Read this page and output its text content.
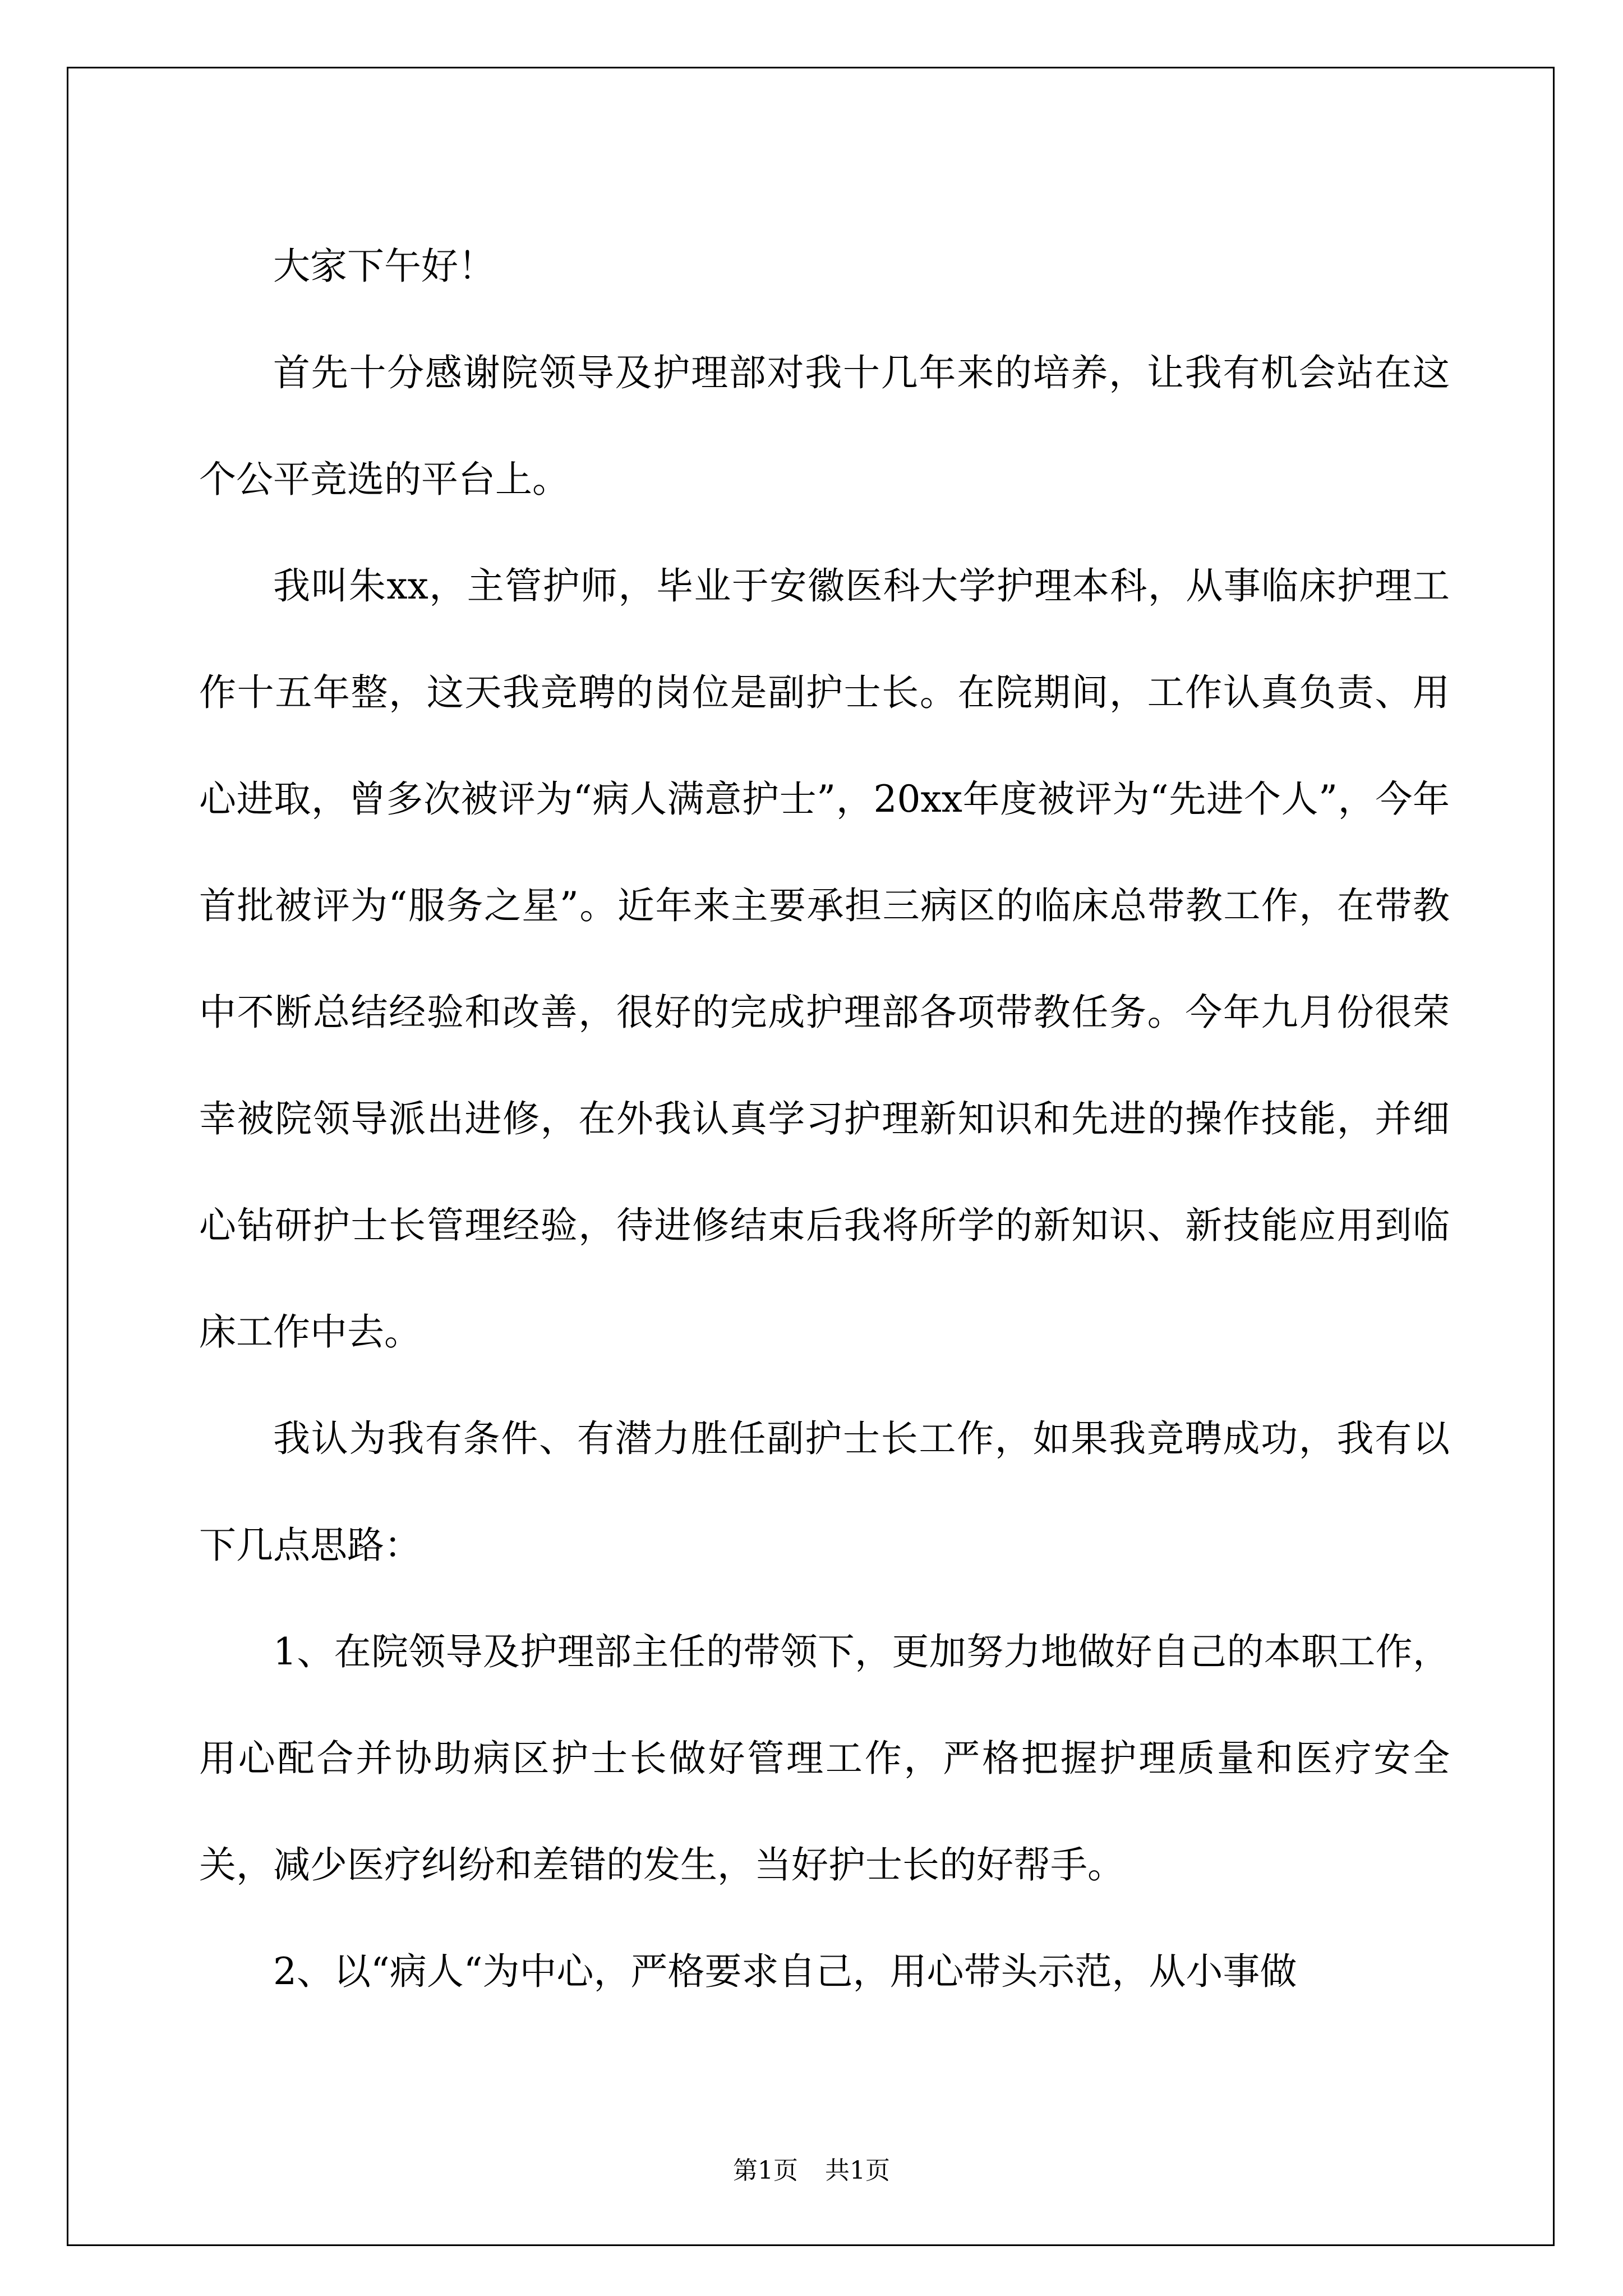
大家下午好！

首先十分感谢院领导及护理部对我十几年来的培养，让我有机会站在这个公平竞选的平台上。

我叫朱xx，主管护师，毕业于安徽医科大学护理本科，从事临床护理工作十五年整，这天我竞聘的岗位是副护士长。在院期间，工作认真负责、用心进取，曾多次被评为“病人满意护士”，20xx年度被评为“先进个人”，今年首批被评为“服务之星”。近年来主要承担三病区的临床总带教工作，在带教中不断总结经验和改善，很好的完成护理部各项带教任务。今年九月份很荣幸被院领导派出进修，在外我认真学习护理新知识和先进的操作技能，并细心钻研护士长管理经验，待进修结束后我将所学的新知识、新技能应用到临床工作中去。

我认为我有条件、有潜力胜任副护士长工作，如果我竞聘成功，我有以下几点思路：

1、在院领导及护理部主任的带领下，更加努力地做好自己的本职工作，用心配合并协助病区护士长做好管理工作，严格把握护理质量和医疗安全关，减少医疗纠纷和差错的发生，当好护士长的好帮手。

2、以“病人“为中心，严格要求自己，用心带头示范，从小事做

第1页 共1页
